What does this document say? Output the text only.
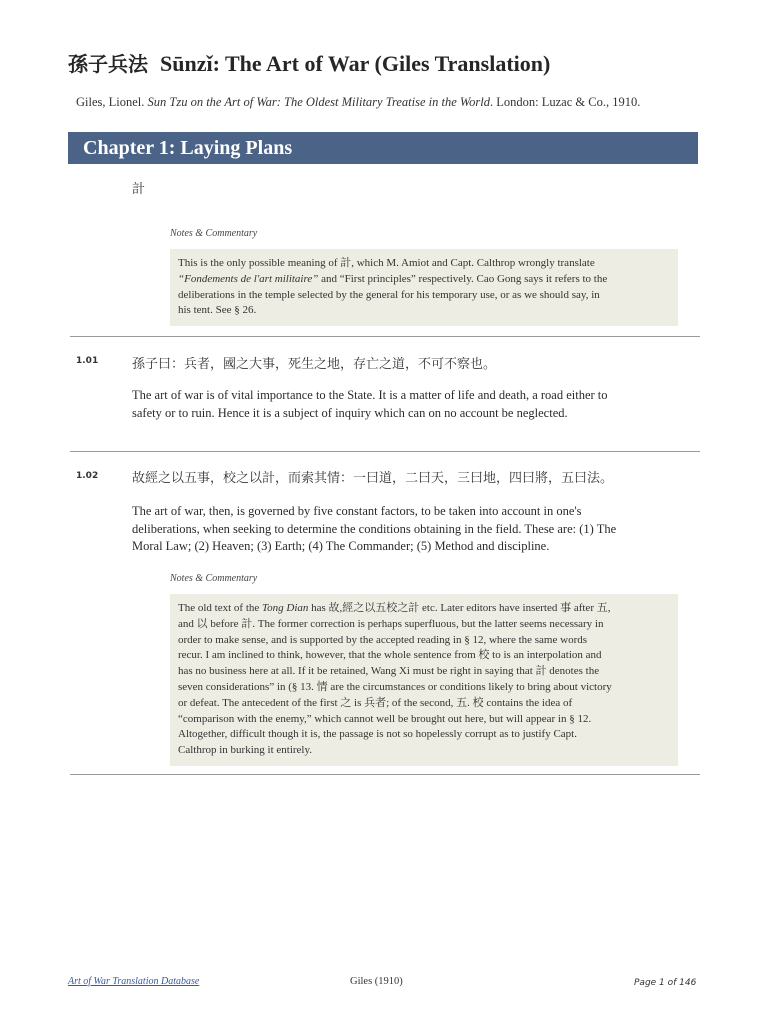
孫子兵法 Sūnzǐ: The Art of War (Giles Translation)
Giles, Lionel. Sun Tzu on the Art of War: The Oldest Military Treatise in the World. London: Luzac & Co., 1910.
Chapter 1: Laying Plans
計
Notes & Commentary
This is the only possible meaning of 計, which M. Amiot and Capt. Calthrop wrongly translate
“Fondements de l'art militaire” and “First principles” respectively. Cao Gong says it refers to the
deliberations in the temple selected by the general for his temporary use, or as we should say, in
his tent. See § 26.
1.01	孫子曰：兵者，國之大事，死生之地，存亡之道，不可不察也。
The art of war is of vital importance to the State. It is a matter of life and death, a road either to
safety or to ruin. Hence it is a subject of inquiry which can on no account be neglected.
1.02	故經之以五事，校之以計，而索其情：一曰道，二曰天，三曰地，四曰將，五曰法。
The art of war, then, is governed by five constant factors, to be taken into account in one's
deliberations, when seeking to determine the conditions obtaining in the field. These are: (1) The
Moral Law; (2) Heaven; (3) Earth; (4) The Commander; (5) Method and discipline.
Notes & Commentary
The old text of the Tong Dian has 故,經之以五校之計 etc. Later editors have inserted 事 after 五,
and 以 before 計. The former correction is perhaps superfluous, but the latter seems necessary in
order to make sense, and is supported by the accepted reading in § 12, where the same words
recur. I am inclined to think, however, that the whole sentence from 校 to is an interpolation and
has no business here at all. If it be retained, Wang Xi must be right in saying that 計 denotes the
seven considerations” in (§ 13. 情 are the circumstances or conditions likely to bring about victory
or defeat. The antecedent of the first 之 is 兵者; of the second, 五. 校 contains the idea of
“comparison with the enemy,” which cannot well be brought out here, but will appear in § 12.
Altogether, difficult though it is, the passage is not so hopelessly corrupt as to justify Capt.
Calthrop in burking it entirely.
Art of War Translation Database	Giles (1910)	Page 1 of 146
